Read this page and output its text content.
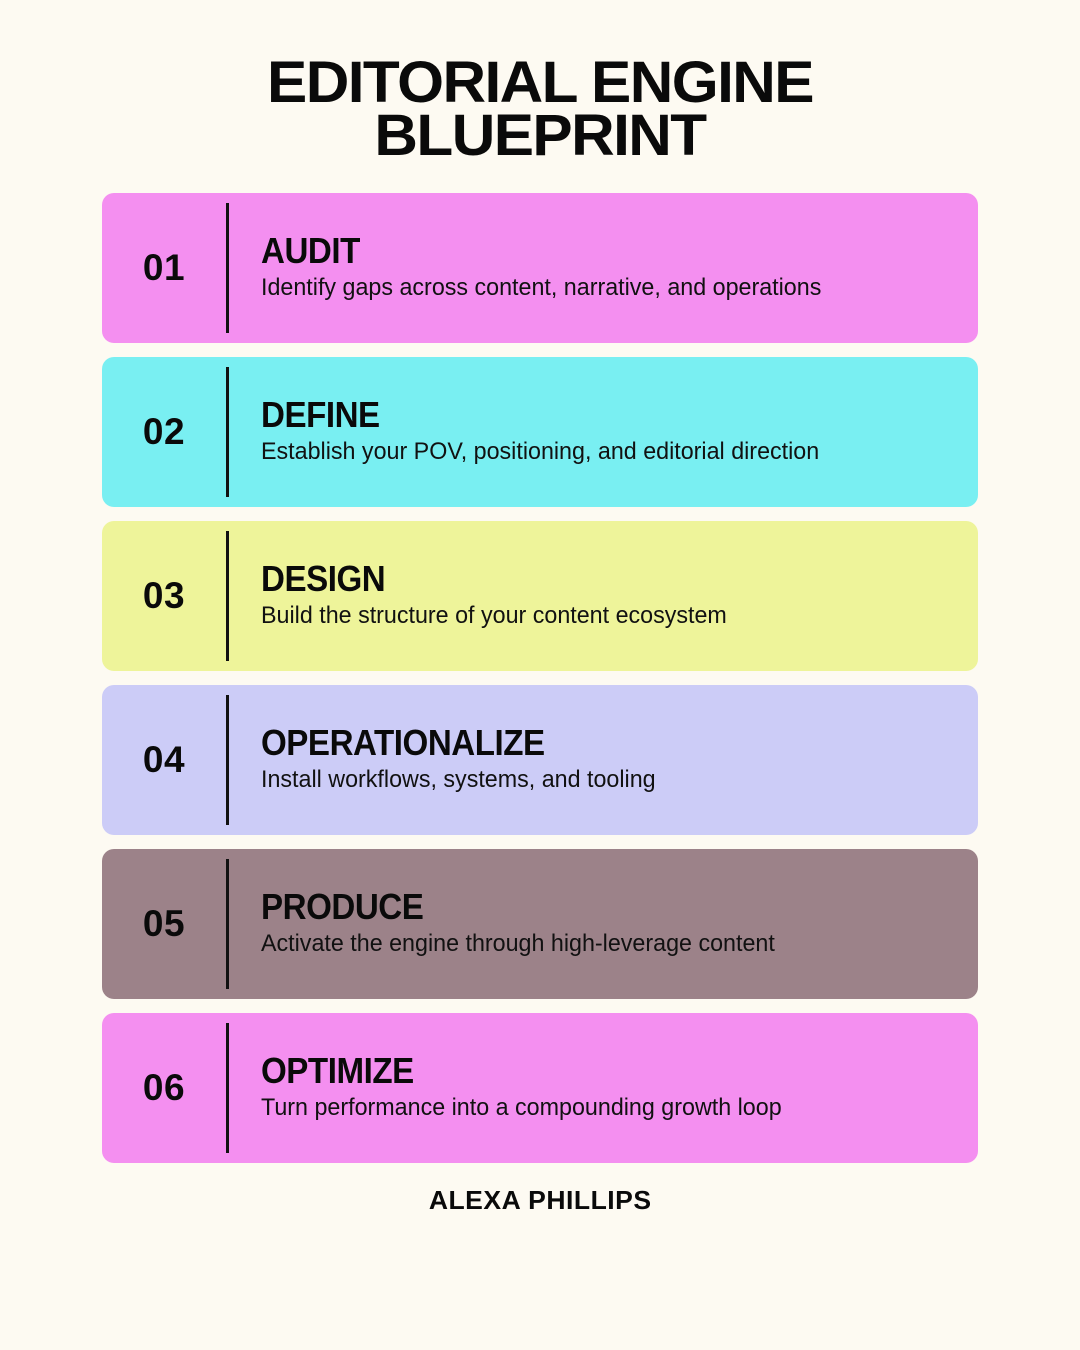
EDITORIAL ENGINE
BLUEPRINT
01	AUDIT
Identify gaps across content, narrative, and operations
02	DEFINE
Establish your POV, positioning, and editorial direction
03	DESIGN
Build the structure of your content ecosystem
04	OPERATIONALIZE
Install workflows, systems, and tooling
05	PRODUCE
Activate the engine through high-leverage content
06	OPTIMIZE
Turn performance into a compounding growth loop
ALEXA PHILLIPS
